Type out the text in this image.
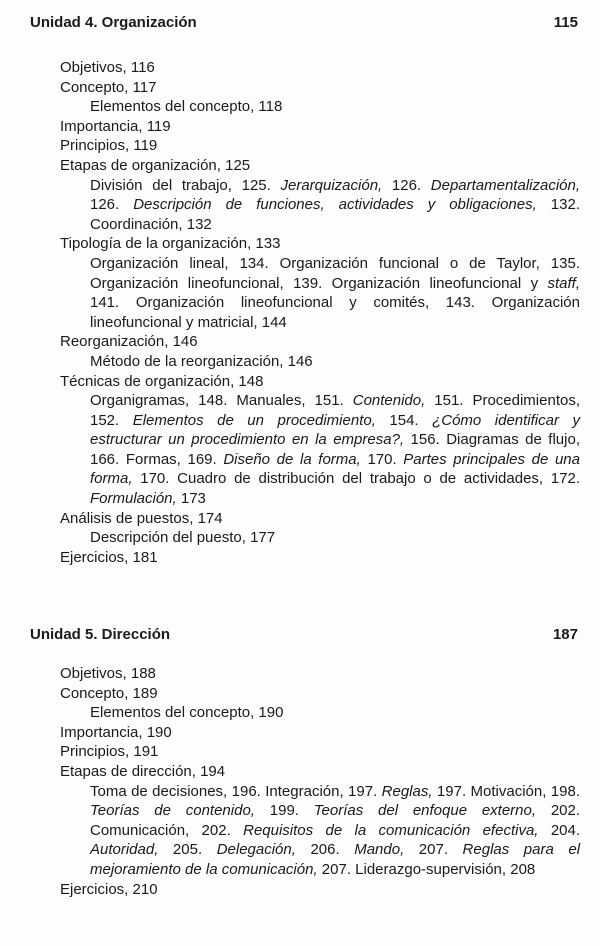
Unidad 4. Organización	115

Objetivos, 116

Concepto, 117

Elementos del concepto, 118

Importancia, 119

Principios, 119

Etapas de organización, 125

División del trabajo, 125. Jerarquización, 126. Departamentalización, 126. Descripción de funciones, actividades y obligaciones, 132. Coordinación, 132

Tipología de la organización, 133

Organización lineal, 134. Organización funcional o de Taylor, 135. Organización lineofuncional, 139. Organización lineofuncional y staff, 141. Organización lineofuncional y comités, 143. Organización lineofuncional y matricial, 144

Reorganización, 146

Método de la reorganización, 146

Técnicas de organización, 148

Organigramas, 148. Manuales, 151. Contenido, 151. Procedimientos, 152. Elementos de un procedimiento, 154. ¿Cómo identificar y estructurar un procedimiento en la empresa?, 156. Diagramas de flujo, 166. Formas, 169. Diseño de la forma, 170. Partes principales de una forma, 170. Cuadro de distribución del trabajo o de actividades, 172. Formulación, 173

Análisis de puestos, 174

Descripción del puesto, 177

Ejercicios, 181

Unidad 5. Dirección	187

Objetivos, 188

Concepto, 189

Elementos del concepto, 190

Importancia, 190

Principios, 191

Etapas de dirección, 194

Toma de decisiones, 196. Integración, 197. Reglas, 197. Motivación, 198. Teorías de contenido, 199. Teorías del enfoque externo, 202. Comunicación, 202. Requisitos de la comunicación efectiva, 204. Autoridad, 205. Delegación, 206. Mando, 207. Reglas para el mejoramiento de la comunicación, 207. Liderazgo-supervisión, 208

Ejercicios, 210
